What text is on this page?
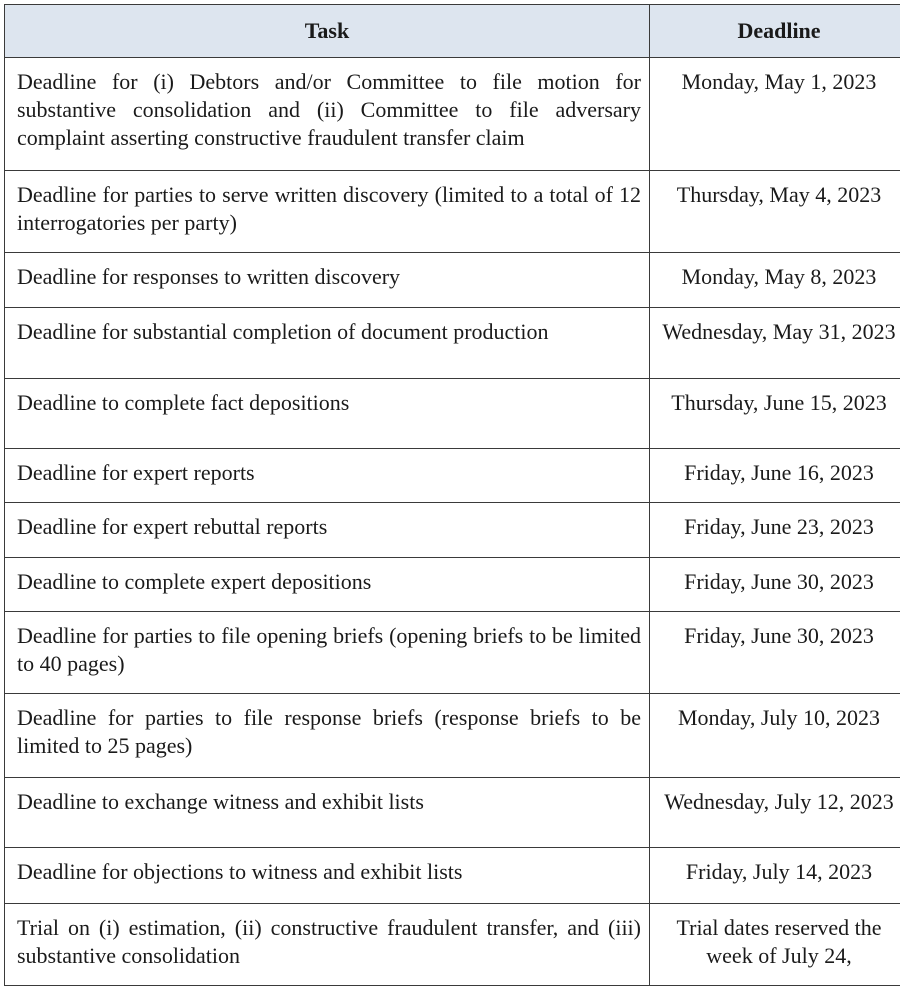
Task	Deadline
Deadline for (i) Debtors and/or Committee to file motion for substantive consolidation and (ii) Committee to file adversary complaint asserting constructive fraudulent transfer claim	Monday, May 1, 2023
Deadline for parties to serve written discovery (limited to a total of 12 interrogatories per party)	Thursday, May 4, 2023
Deadline for responses to written discovery	Monday, May 8, 2023
Deadline for substantial completion of document production	Wednesday, May 31, 2023
Deadline to complete fact depositions	Thursday, June 15, 2023
Deadline for expert reports	Friday, June 16, 2023
Deadline for expert rebuttal reports	Friday, June 23, 2023
Deadline to complete expert depositions	Friday, June 30, 2023
Deadline for parties to file opening briefs (opening briefs to be limited to 40 pages)	Friday, June 30, 2023
Deadline for parties to file response briefs (response briefs to be limited to 25 pages)	Monday, July 10, 2023
Deadline to exchange witness and exhibit lists	Wednesday, July 12, 2023
Deadline for objections to witness and exhibit lists	Friday, July 14, 2023
Trial on (i) estimation, (ii) constructive fraudulent transfer, and (iii) substantive consolidation	Trial dates reserved the week of July 24,
